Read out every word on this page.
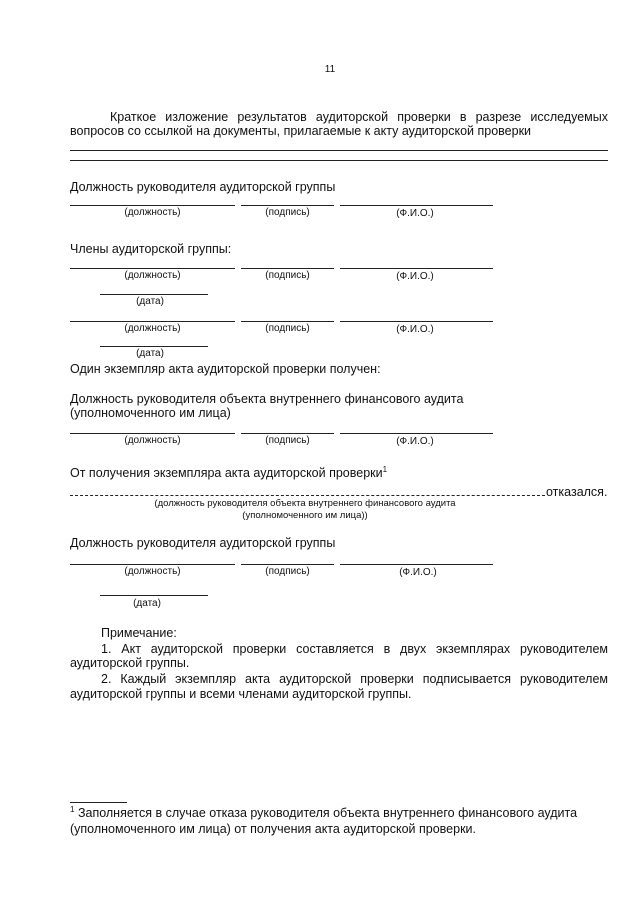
11
Краткое изложение результатов аудиторской проверки в разрезе исследуемых
вопросов со ссылкой на документы, прилагаемые к акту аудиторской проверки
Должность руководителя аудиторской группы
(должность)	(подпись)	(Ф.И.О.)
Члены аудиторской группы:
(должность)	(подпись)	(Ф.И.О.)
(дата)
(должность)	(подпись)	(Ф.И.О.)
(дата)
Один экземпляр акта аудиторской проверки получен:
Должность руководителя объекта внутреннего финансового аудита
(уполномоченного им лица)
(должность)	(подпись)	(Ф.И.О.)
От получения экземпляра акта аудиторской проверки$^1$
отказался.
(должность руководителя объекта внутреннего финансового аудита
(уполномоченного им лица))
Должность руководителя аудиторской группы
(должность)	(подпись)	(Ф.И.О.)
(дата)
Примечание:
1. Акт аудиторской проверки составляется в двух экземплярах руководителем
аудиторской группы.
2. Каждый экземпляр акта аудиторской проверки подписывается руководителем
аудиторской группы и всеми членами аудиторской группы.
$^1$ Заполняется в случае отказа руководителя объекта внутреннего финансового аудита
(уполномоченного им лица) от получения акта аудиторской проверки.
